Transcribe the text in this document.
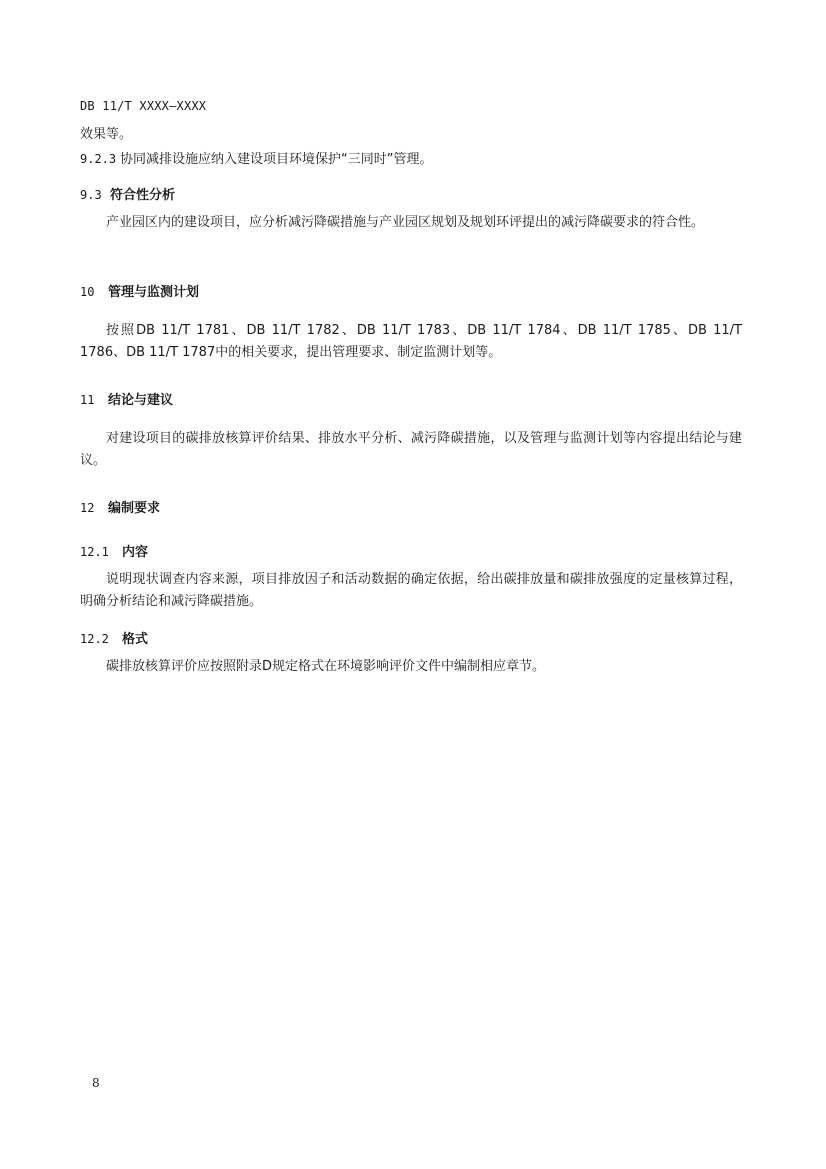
DB 11/T XXXX—XXXX
效果等。
9.2.3 协同减排设施应纳入建设项目环境保护“三同时”管理。
9.3 符合性分析
产业园区内的建设项目，应分析减污降碳措施与产业园区规划及规划环评提出的减污降碳要求的符合性。
10 管理与监测计划
按照DB 11/T 1781、DB 11/T 1782、DB 11/T 1783、DB 11/T 1784、DB 11/T 1785、DB 11/T 1786、DB 11/T 1787中的相关要求，提出管理要求、制定监测计划等。
11 结论与建议
对建设项目的碳排放核算评价结果、排放水平分析、减污降碳措施，以及管理与监测计划等内容提出结论与建议。
12 编制要求
12.1 内容
说明现状调查内容来源，项目排放因子和活动数据的确定依据，给出碳排放量和碳排放强度的定量核算过程，明确分析结论和减污降碳措施。
12.2 格式
碳排放核算评价应按照附录D规定格式在环境影响评价文件中编制相应章节。
8
